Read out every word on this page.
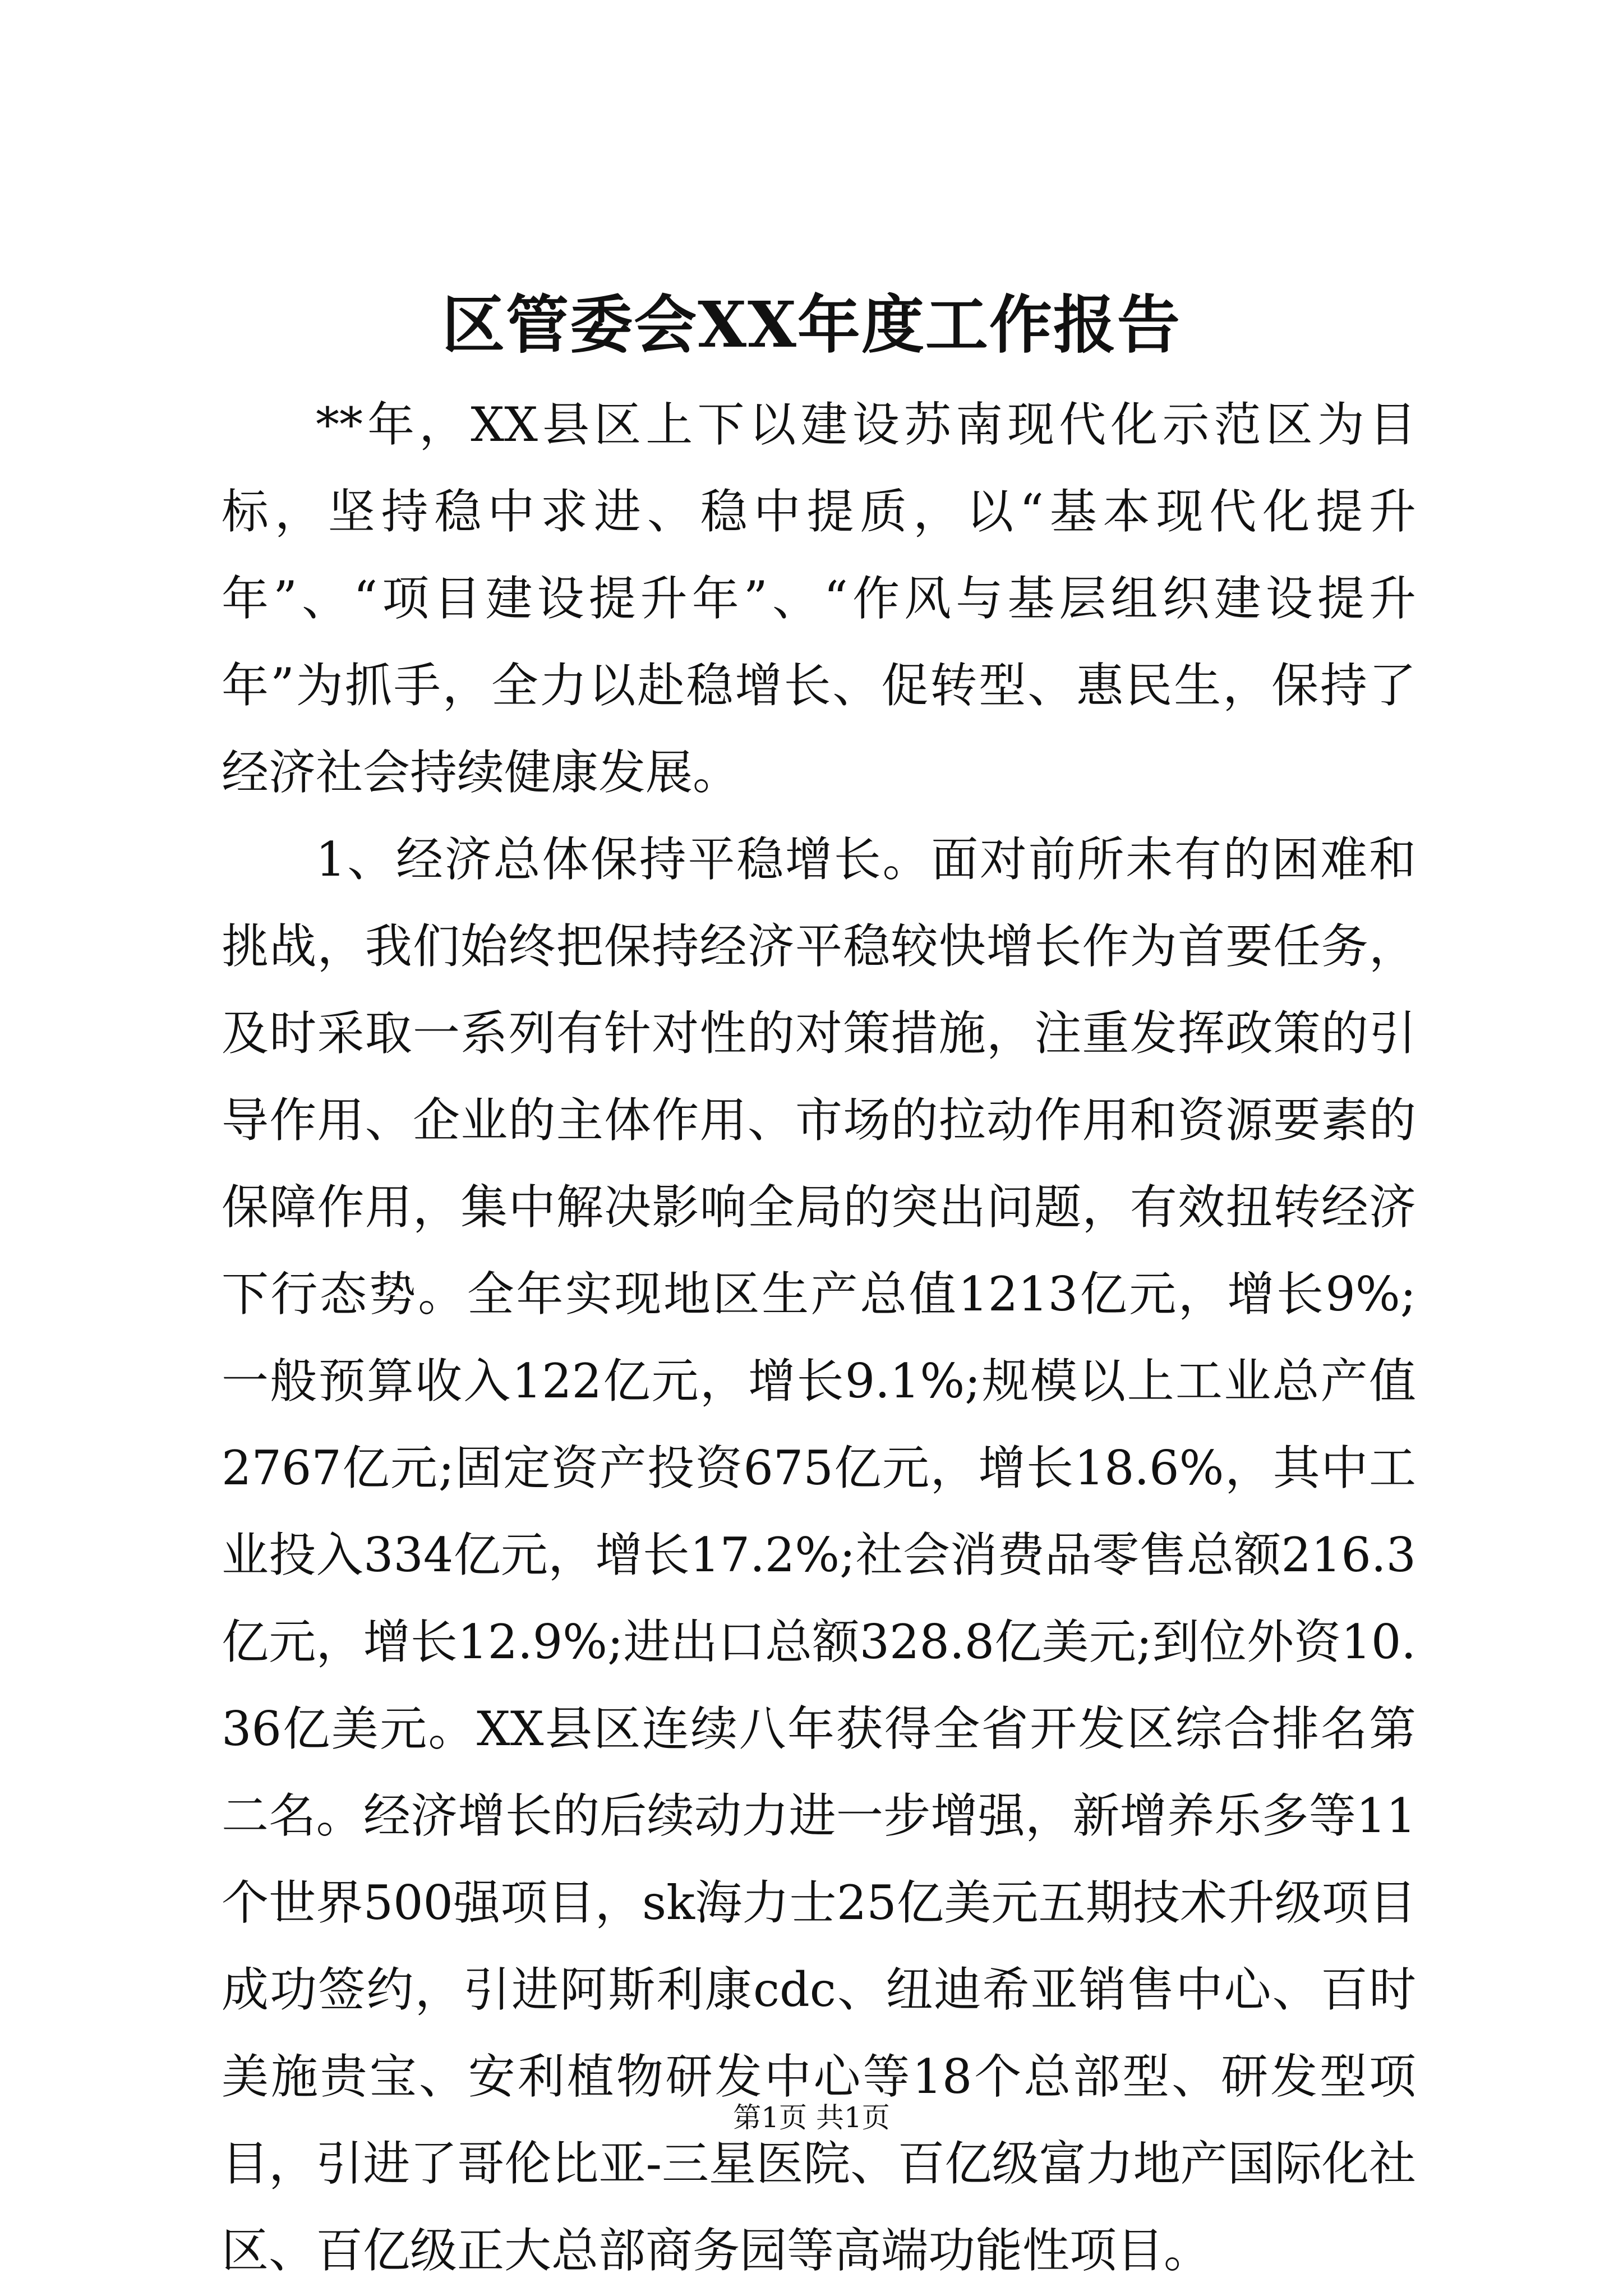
区管委会XX年度工作报告

**年，XX县区上下以建设苏南现代化示范区为目标，坚持稳中求进、稳中提质，以“基本现代化提升年”、“项目建设提升年”、“作风与基层组织建设提升年”为抓手，全力以赴稳增长、促转型、惠民生，保持了经济社会持续健康发展。

1、经济总体保持平稳增长。面对前所未有的困难和挑战，我们始终把保持经济平稳较快增长作为首要任务，及时采取一系列有针对性的对策措施，注重发挥政策的引导作用、企业的主体作用、市场的拉动作用和资源要素的保障作用，集中解决影响全局的突出问题，有效扭转经济下行态势。全年实现地区生产总值1213亿元，增长9%;一般预算收入122亿元，增长9.1%;规模以上工业总产值2767亿元;固定资产投资675亿元，增长18.6%，其中工业投入334亿元，增长17.2%;社会消费品零售总额216.3亿元，增长12.9%;进出口总额328.8亿美元;到位外资10.36亿美元。XX县区连续八年获得全省开发区综合排名第二名。经济增长的后续动力进一步增强，新增养乐多等11个世界500强项目，sk海力士25亿美元五期技术升级项目成功签约，引进阿斯利康cdc、纽迪希亚销售中心、百时美施贵宝、安利植物研发中心等18个总部型、研发型项目，引进了哥伦比亚-三星医院、百亿级富力地产国际化社区、百亿级正大总部商务园等高端功能性项目。

第1页 共1页
